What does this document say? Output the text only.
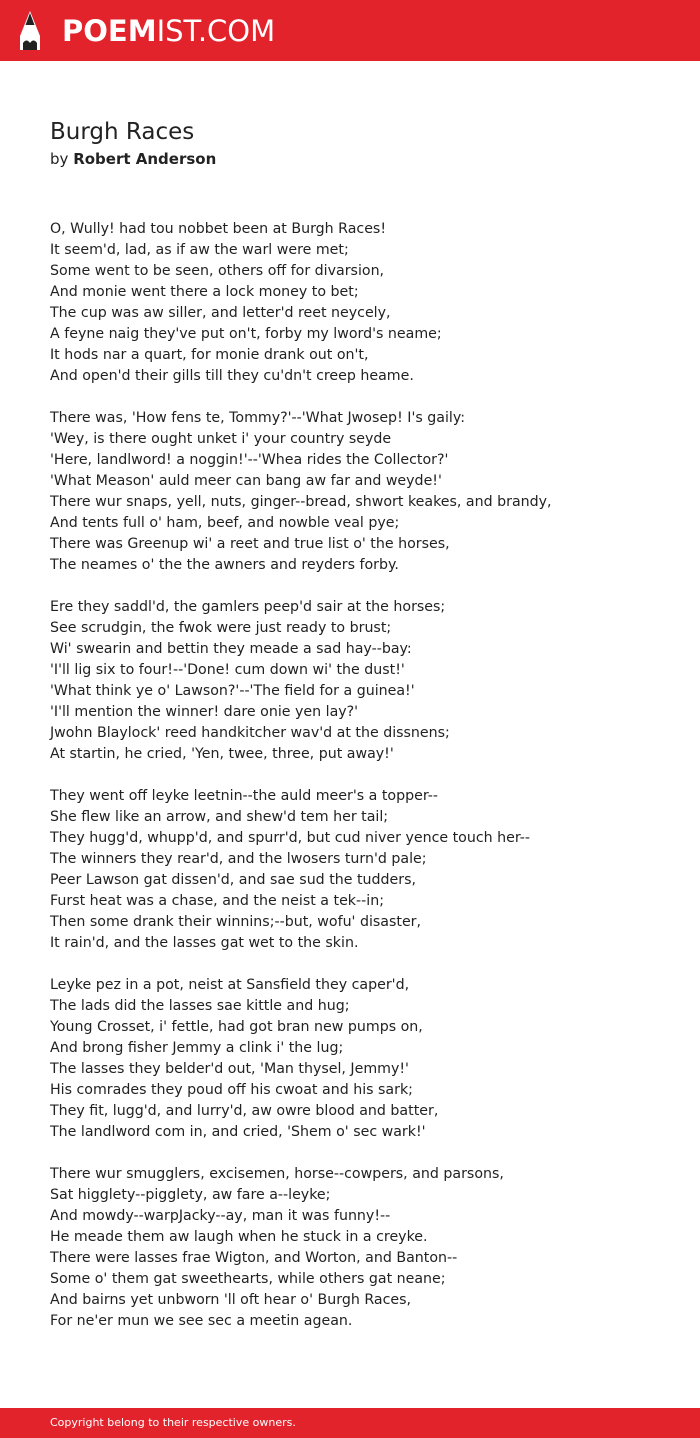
POEMIST.COM
Burgh Races
by Robert Anderson
O, Wully! had tou nobbet been at Burgh Races!
It seem'd, lad, as if aw the warl were met;
Some went to be seen, others off for divarsion,
And monie went there a lock money to bet;
The cup was aw siller, and letter'd reet neycely,
A feyne naig they've put on't, forby my lword's neame;
It hods nar a quart, for monie drank out on't,
And open'd their gills till they cu'dn't creep heame.
There was, 'How fens te, Tommy?'--'What Jwosep! I's gaily:
'Wey, is there ought unket i' your country seyde
'Here, landlword! a noggin!'--'Whea rides the Collector?'
'What Meason' auld meer can bang aw far and weyde!'
There wur snaps, yell, nuts, ginger--bread, shwort keakes, and brandy,
And tents full o' ham, beef, and nowble veal pye;
There was Greenup wi' a reet and true list o' the horses,
The neames o' the the awners and reyders forby.
Ere they saddl'd, the gamlers peep'd sair at the horses;
See scrudgin, the fwok were just ready to brust;
Wi' swearin and bettin they meade a sad hay--bay:
'I'll lig six to four!--'Done! cum down wi' the dust!'
'What think ye o' Lawson?'--'The field for a guinea!'
'I'll mention the winner! dare onie yen lay?'
Jwohn Blaylock' reed handkitcher wav'd at the dissnens;
At startin, he cried, 'Yen, twee, three, put away!'
They went off leyke leetnin--the auld meer's a topper--
She flew like an arrow, and shew'd tem her tail;
They hugg'd, whupp'd, and spurr'd, but cud niver yence touch her--
The winners they rear'd, and the lwosers turn'd pale;
Peer Lawson gat dissen'd, and sae sud the tudders,
Furst heat was a chase, and the neist a tek--in;
Then some drank their winnins;--but, wofu' disaster,
It rain'd, and the lasses gat wet to the skin.
Leyke pez in a pot, neist at Sansfield they caper'd,
The lads did the lasses sae kittle and hug;
Young Crosset, i' fettle, had got bran new pumps on,
And brong fisher Jemmy a clink i' the lug;
The lasses they belder'd out, 'Man thysel, Jemmy!'
His comrades they poud off his cwoat and his sark;
They fit, lugg'd, and lurry'd, aw owre blood and batter,
The landlword com in, and cried, 'Shem o' sec wark!'
There wur smugglers, excisemen, horse--cowpers, and parsons,
Sat higglety--pigglety, aw fare a--leyke;
And mowdy--warpJacky--ay, man it was funny!--
He meade them aw laugh when he stuck in a creyke.
There were lasses frae Wigton, and Worton, and Banton--
Some o' them gat sweethearts, while others gat neane;
And bairns yet unbworn 'll oft hear o' Burgh Races,
For ne'er mun we see sec a meetin agean.
Copyright belong to their respective owners.
